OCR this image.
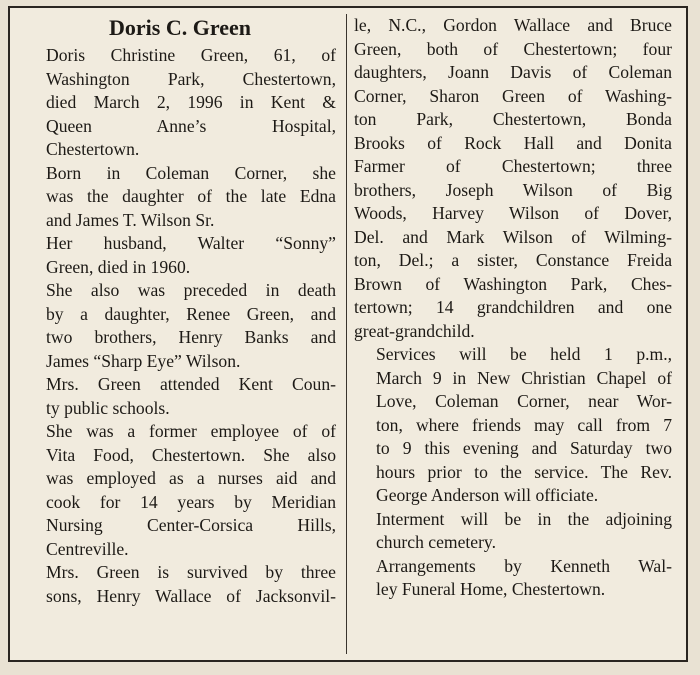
Doris C. Green
Doris Christine Green, 61, of
Washington Park, Chestertown,
died March 2, 1996 in Kent &
Queen Anne’s Hospital,
Chestertown.
Born in Coleman Corner, she
was the daughter of the late Edna
and James T. Wilson Sr.
Her husband, Walter “Sonny”
Green, died in 1960.
She also was preceded in death
by a daughter, Renee Green, and
two brothers, Henry Banks and
James “Sharp Eye” Wilson.
Mrs. Green attended Kent Coun-
ty public schools.
She was a former employee of of
Vita Food, Chestertown. She also
was employed as a nurses aid and
cook for 14 years by Meridian
Nursing Center-Corsica Hills,
Centreville.
Mrs. Green is survived by three
sons, Henry Wallace of Jacksonvil-
le, N.C., Gordon Wallace and Bruce
Green, both of Chestertown; four
daughters, Joann Davis of Coleman
Corner, Sharon Green of Washing-
ton Park, Chestertown, Bonda
Brooks of Rock Hall and Donita
Farmer of Chestertown; three
brothers, Joseph Wilson of Big
Woods, Harvey Wilson of Dover,
Del. and Mark Wilson of Wilming-
ton, Del.; a sister, Constance Freida
Brown of Washington Park, Ches-
tertown; 14 grandchildren and one
great-grandchild.
Services will be held 1 p.m.,
March 9 in New Christian Chapel of
Love, Coleman Corner, near Wor-
ton, where friends may call from 7
to 9 this evening and Saturday two
hours prior to the service. The Rev.
George Anderson will officiate.
Interment will be in the adjoining
church cemetery.
Arrangements by Kenneth Wal-
ley Funeral Home, Chestertown.
